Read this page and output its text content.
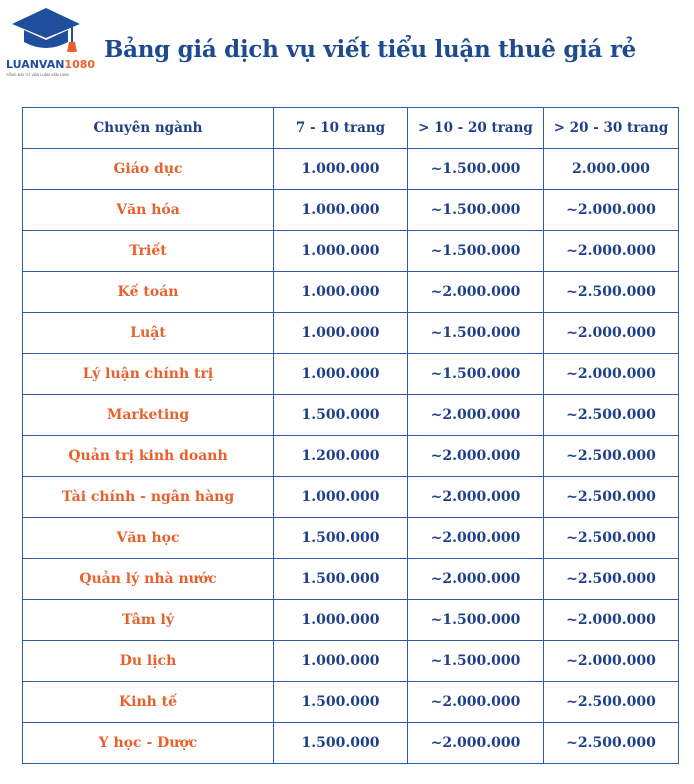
LUANVAN1080
TỔNG ĐÀI TƯ VẤN LUẬN VĂN 1080
Bảng giá dịch vụ viết tiểu luận thuê giá rẻ
Chuyên ngành	7 - 10 trang	> 10 - 20 trang	> 20 - 30 trang
Giáo dục	1.000.000	~1.500.000	2.000.000
Văn hóa	1.000.000	~1.500.000	~2.000.000
Triết	1.000.000	~1.500.000	~2.000.000
Kế toán	1.000.000	~2.000.000	~2.500.000
Luật	1.000.000	~1.500.000	~2.000.000
Lý luận chính trị	1.000.000	~1.500.000	~2.000.000
Marketing	1.500.000	~2.000.000	~2.500.000
Quản trị kinh doanh	1.200.000	~2.000.000	~2.500.000
Tài chính - ngân hàng	1.000.000	~2.000.000	~2.500.000
Văn học	1.500.000	~2.000.000	~2.500.000
Quản lý nhà nước	1.500.000	~2.000.000	~2.500.000
Tâm lý	1.000.000	~1.500.000	~2.000.000
Du lịch	1.000.000	~1.500.000	~2.000.000
Kinh tế	1.500.000	~2.000.000	~2.500.000
Y học - Dược	1.500.000	~2.000.000	~2.500.000
